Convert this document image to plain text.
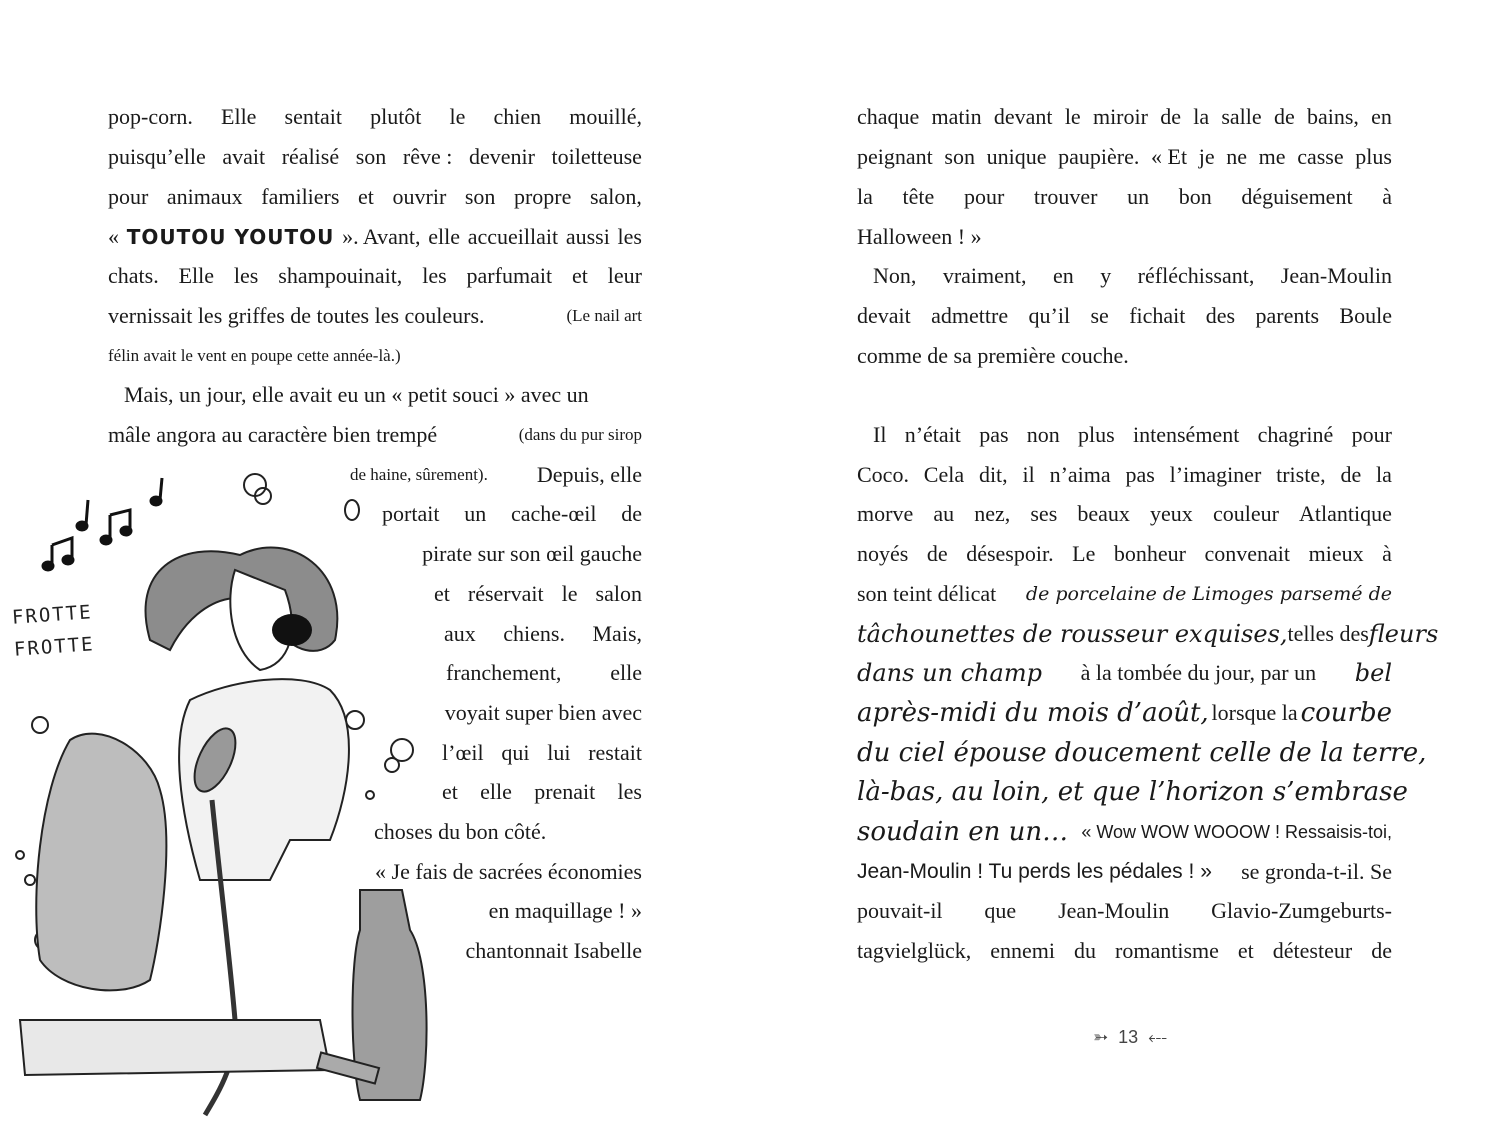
pop-corn. Elle sentait plutôt le chien mouillé,
puisqu’elle avait réalisé son rêve : devenir toiletteuse
pour animaux familiers et ouvrir son propre salon,
« TOUTOU YOUTOU ». Avant, elle accueillait aussi les
chats. Elle les shampouinait, les parfumait et leur
vernissait les griffes de toutes les couleurs.	(Le nail art
félin avait le vent en poupe cette année-là.)
Mais, un jour, elle avait eu un « petit souci » avec un
mâle angora au caractère bien trempé	(dans du pur sirop
de haine, sûrement). Depuis, elle
portait un cache-œil de
pirate sur son œil gauche
et réservait le salon
aux chiens. Mais,
franchement, elle
voyait super bien avec
l’œil qui lui restait
et elle prenait les
choses du bon côté.
« Je fais de sacrées économies
en maquillage ! »
chantonnait Isabelle
FROTTE
FROTTE
chaque matin devant le miroir de la salle de bains, en
peignant son unique paupière. « Et je ne me casse plus
la tête pour trouver un bon déguisement à
Halloween ! »
Non, vraiment, en y réfléchissant, Jean-Moulin
devait admettre qu’il se fichait des parents Boule
comme de sa première couche.
Il n’était pas non plus intensément chagriné pour
Coco. Cela dit, il n’aima pas l’imaginer triste, de la
morve au nez, ses beaux yeux couleur Atlantique
noyés de désespoir. Le bonheur convenait mieux à
son teint délicat de porcelaine de Limoges parsemé de
tâchounettes de rousseur exquises, telles des fleurs
dans un champ à la tombée du jour, par un bel
après-midi du mois d’août, lorsque la courbe
du ciel épouse doucement celle de la terre,
là-bas, au loin, et que l’horizon s’embrase
soudain en un… « Wow WOW WOOOW ! Ressaisis-toi,
Jean-Moulin ! Tu perds les pédales ! » se gronda-t-il. Se
pouvait-il que Jean-Moulin Glavio-Zumgeburts-
tagvielglück, ennemi du romantisme et détesteur de
➳ 13 ⤎
